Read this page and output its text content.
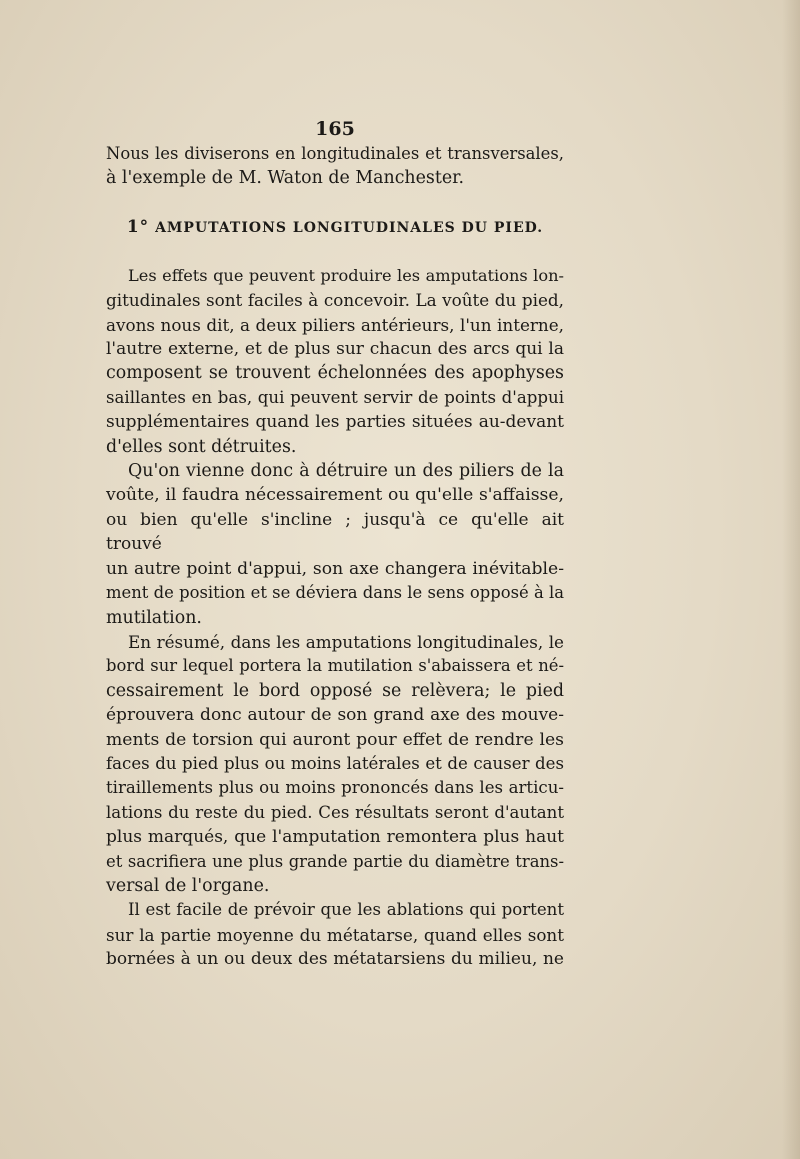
165
Nous les diviserons en longitudinales et transversales,
à l'exemple de M. Waton de Manchester.
1° AMPUTATIONS LONGITUDINALES DU PIED.
Les effets que peuvent produire les amputations lon-
gitudinales sont faciles à concevoir. La voûte du pied,
avons nous dit, a deux piliers antérieurs, l'un interne,
l'autre externe, et de plus sur chacun des arcs qui la
composent se trouvent échelonnées des apophyses
saillantes en bas, qui peuvent servir de points d'appui
supplémentaires quand les parties situées au-devant
d'elles sont détruites.
Qu'on vienne donc à détruire un des piliers de la
voûte, il faudra nécessairement ou qu'elle s'affaisse,
ou bien qu'elle s'incline ; jusqu'à ce qu'elle ait trouvé
un autre point d'appui, son axe changera inévitable-
ment de position et se déviera dans le sens opposé à la
mutilation.
En résumé, dans les amputations longitudinales, le
bord sur lequel portera la mutilation s'abaissera et né-
cessairement le bord opposé se relèvera; le pied
éprouvera donc autour de son grand axe des mouve-
ments de torsion qui auront pour effet de rendre les
faces du pied plus ou moins latérales et de causer des
tiraillements plus ou moins prononcés dans les articu-
lations du reste du pied. Ces résultats seront d'autant
plus marqués, que l'amputation remontera plus haut
et sacrifiera une plus grande partie du diamètre trans-
versal de l'organe.
Il est facile de prévoir que les ablations qui portent
sur la partie moyenne du métatarse, quand elles sont
bornées à un ou deux des métatarsiens du milieu, ne
